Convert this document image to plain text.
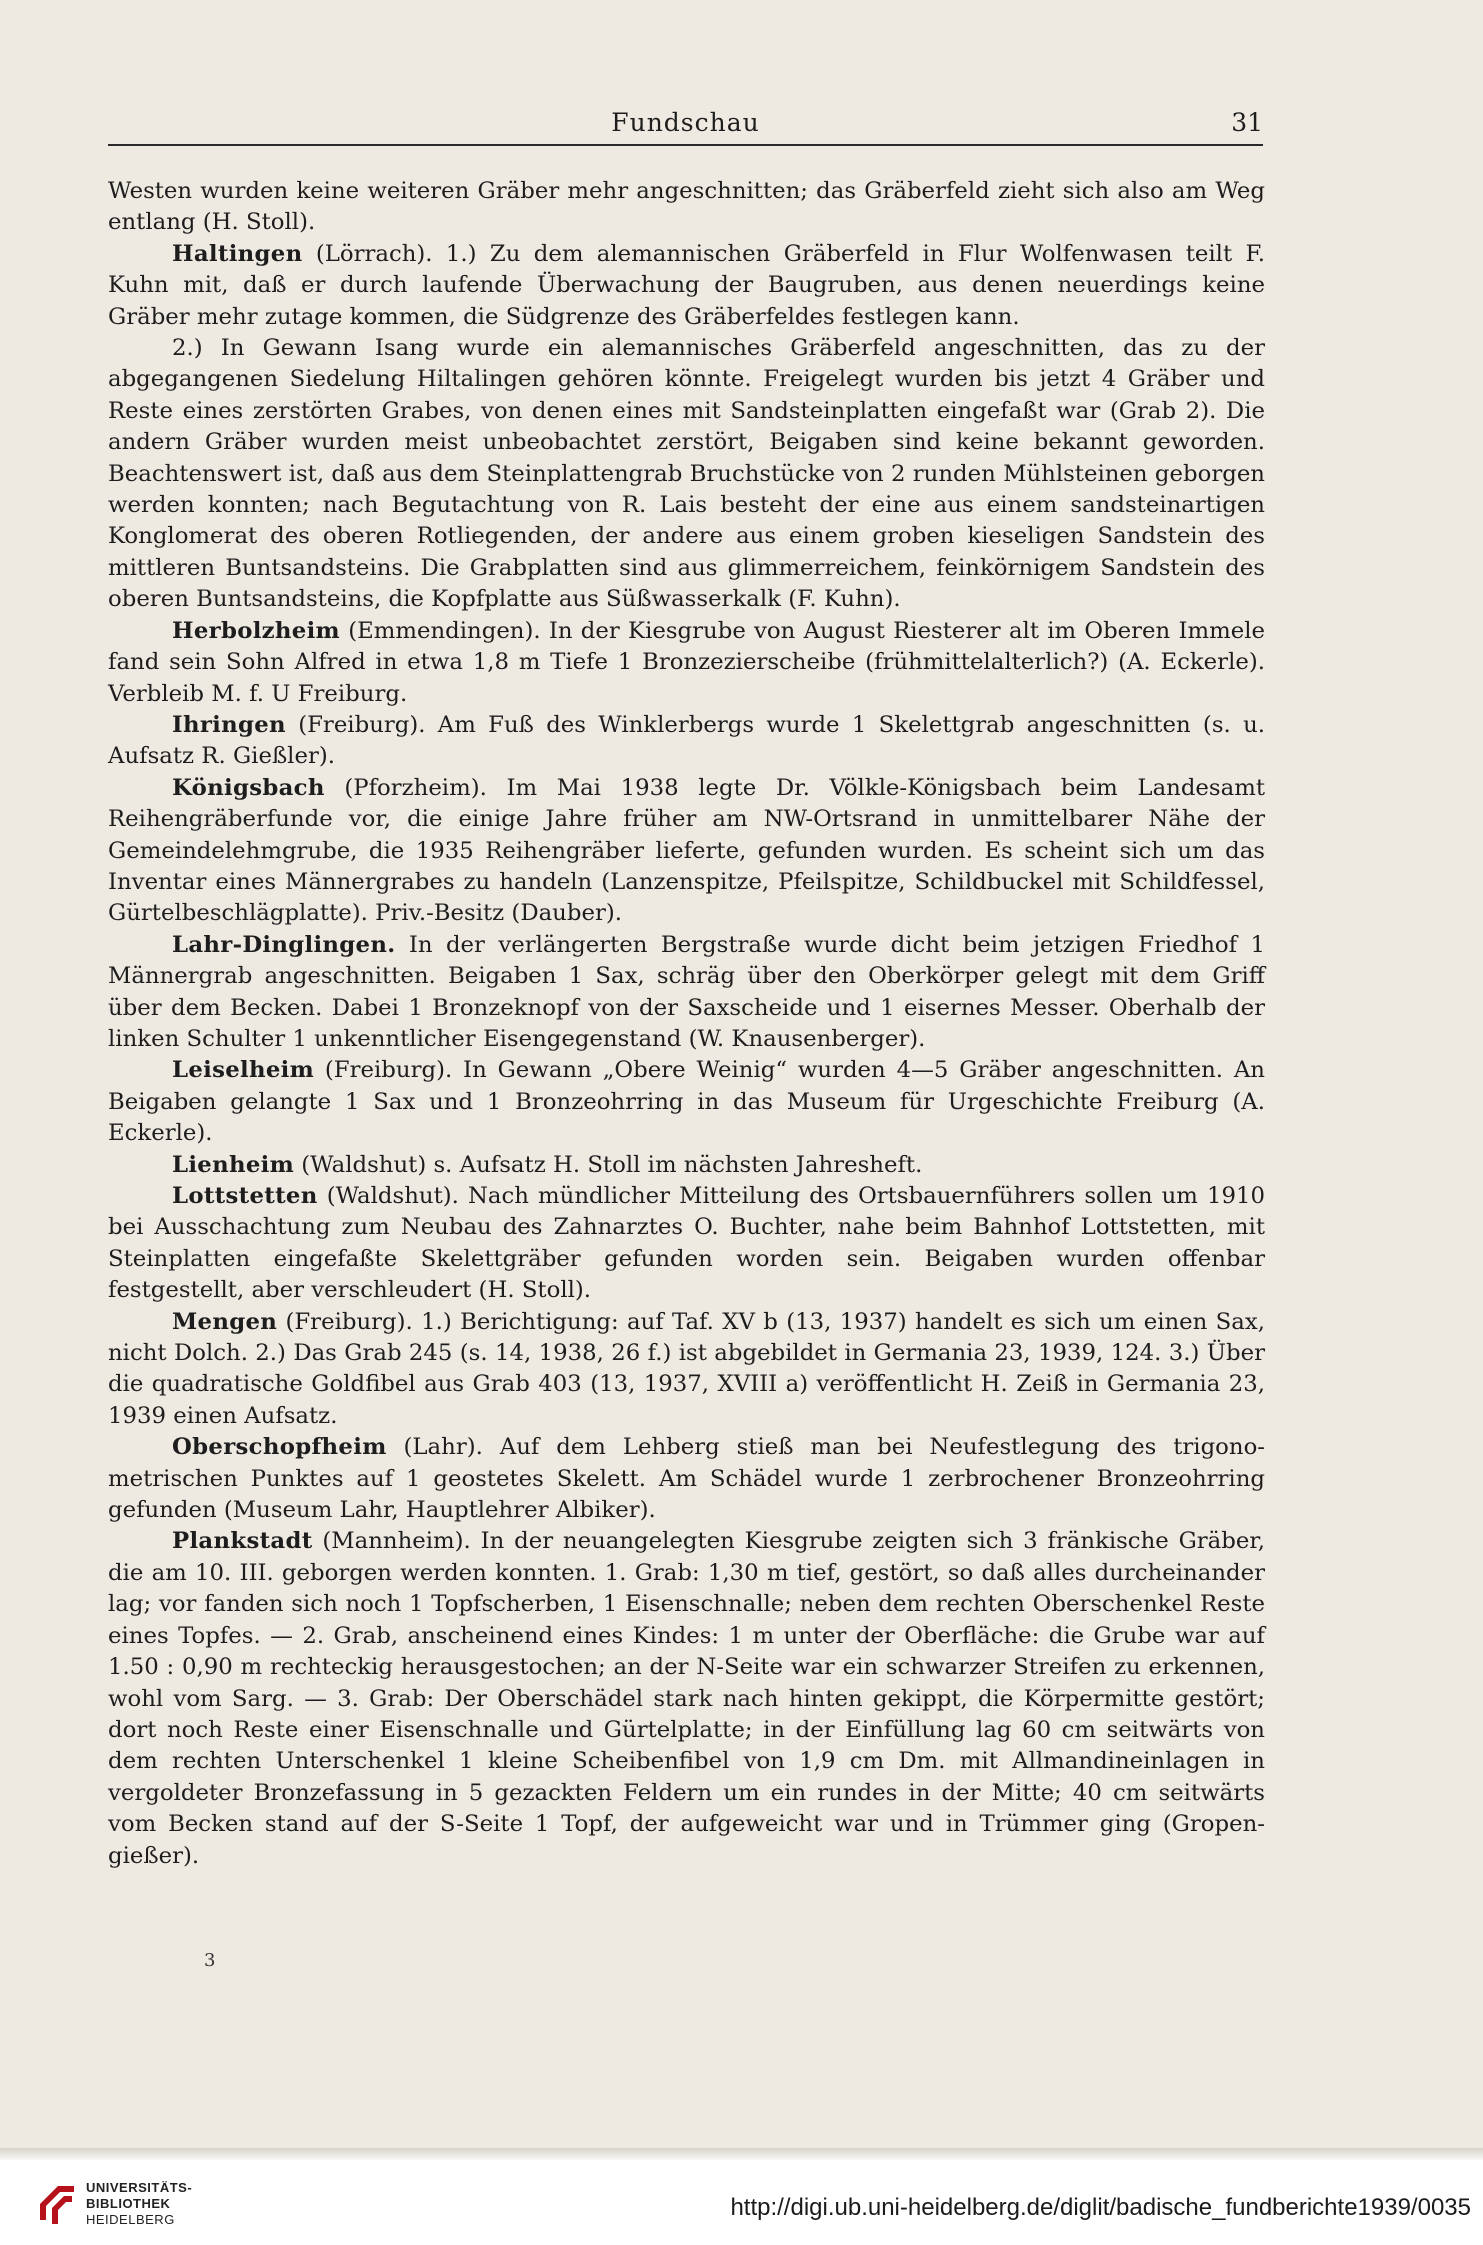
Fundschau	31

Westen wurden keine weiteren Gräber mehr angeschnitten; das Gräberfeld zieht sich also am Weg entlang (H. Stoll).

Haltingen (Lörrach). 1.) Zu dem alemannischen Gräberfeld in Flur Wolfenwasen teilt F. Kuhn mit, daß er durch laufende Überwachung der Baugruben, aus denen neuerdings keine Gräber mehr zutage kommen, die Südgrenze des Gräberfeldes festlegen kann.

2.) In Gewann Isang wurde ein alemannisches Gräberfeld angeschnitten, das zu der abgegangenen Siedelung Hiltalingen gehören könnte. Freigelegt wurden bis jetzt 4 Gräber und Reste eines zerstörten Grabes, von denen eines mit Sandsteinplatten eingefaßt war (Grab 2). Die andern Gräber wurden meist unbeobachtet zerstört, Beigaben sind keine bekannt geworden. Beachtenswert ist, daß aus dem Steinplattengrab Bruchstücke von 2 runden Mühlsteinen geborgen werden konnten; nach Begutachtung von R. Lais besteht der eine aus einem sandsteinartigen Konglomerat des oberen Rotliegenden, der andere aus einem groben kieseligen Sandstein des mittleren Buntsandsteins. Die Grabplatten sind aus glimmerreichem, feinkörnigem Sandstein des oberen Buntsandsteins, die Kopfplatte aus Süßwasserkalk (F. Kuhn).

Herbolzheim (Emmendingen). In der Kiesgrube von August Riesterer alt im Oberen Immele fand sein Sohn Alfred in etwa 1,8 m Tiefe 1 Bronzezierscheibe (frühmittelalterlich?) (A. Eckerle). Verbleib M. f. U Freiburg.

Ihringen (Freiburg). Am Fuß des Winklerbergs wurde 1 Skelettgrab angeschnitten (s. u. Aufsatz R. Gießler).

Königsbach (Pforzheim). Im Mai 1938 legte Dr. Völkle-Königsbach beim Landesamt Reihengräberfunde vor, die einige Jahre früher am NW-Ortsrand in unmittelbarer Nähe der Gemeindelehmgrube, die 1935 Reihengräber lieferte, gefunden wurden. Es scheint sich um das Inventar eines Männergrabes zu handeln (Lanzenspitze, Pfeilspitze, Schildbuckel mit Schildfessel, Gürtelbeschlägplatte). Priv.-Besitz (Dauber).

Lahr-Dinglingen. In der verlängerten Bergstraße wurde dicht beim jetzigen Friedhof 1 Männergrab angeschnitten. Beigaben 1 Sax, schräg über den Oberkörper gelegt mit dem Griff über dem Becken. Dabei 1 Bronzeknopf von der Saxscheide und 1 eisernes Messer. Oberhalb der linken Schulter 1 unkenntlicher Eisengegenstand (W. Knausenberger).

Leiselheim (Freiburg). In Gewann „Obere Weinig“ wurden 4—5 Gräber angeschnitten. An Beigaben gelangte 1 Sax und 1 Bronzeohrring in das Museum für Urgeschichte Freiburg (A. Eckerle).

Lienheim (Waldshut) s. Aufsatz H. Stoll im nächsten Jahresheft.

Lottstetten (Waldshut). Nach mündlicher Mitteilung des Ortsbauernführers sollen um 1910 bei Ausschachtung zum Neubau des Zahnarztes O. Buchter, nahe beim Bahnhof Lottstetten, mit Steinplatten eingefaßte Skelettgräber gefunden worden sein. Beigaben wurden offenbar festgestellt, aber verschleudert (H. Stoll).

Mengen (Freiburg). 1.) Berichtigung: auf Taf. XV b (13, 1937) handelt es sich um einen Sax, nicht Dolch. 2.) Das Grab 245 (s. 14, 1938, 26 f.) ist abgebildet in Germania 23, 1939, 124. 3.) Über die quadratische Goldfibel aus Grab 403 (13, 1937, XVIII a) veröffentlicht H. Zeiß in Germania 23, 1939 einen Aufsatz.

Oberschopfheim (Lahr). Auf dem Lehberg stieß man bei Neufestlegung des trigonometrischen Punktes auf 1 geostetes Skelett. Am Schädel wurde 1 zerbrochener Bronzeohrring gefunden (Museum Lahr, Hauptlehrer Albiker).

Plankstadt (Mannheim). In der neuangelegten Kiesgrube zeigten sich 3 fränkische Gräber, die am 10. III. geborgen werden konnten. 1. Grab: 1,30 m tief, gestört, so daß alles durcheinander lag; vor fanden sich noch 1 Topfscherben, 1 Eisenschnalle; neben dem rechten Oberschenkel Reste eines Topfes. — 2. Grab, anscheinend eines Kindes: 1 m unter der Oberfläche: die Grube war auf 1.50 : 0,90 m rechteckig herausgestochen; an der N-Seite war ein schwarzer Streifen zu erkennen, wohl vom Sarg. — 3. Grab: Der Oberschädel stark nach hinten gekippt, die Körpermitte gestört; dort noch Reste einer Eisenschnalle und Gürtelplatte; in der Einfüllung lag 60 cm seitwärts von dem rechten Unterschenkel 1 kleine Scheibenfibel von 1,9 cm Dm. mit Allmandineinlagen in vergoldeter Bronzefassung in 5 gezackten Feldern um ein rundes in der Mitte; 40 cm seitwärts vom Becken stand auf der S-Seite 1 Topf, der aufgeweicht war und in Trümmer ging (Gropengießer).

3
UNIVERSITÄTS-
BIBLIOTHEK
HEIDELBERG	http://digi.ub.uni-heidelberg.de/diglit/badische_fundberichte1939/0035
